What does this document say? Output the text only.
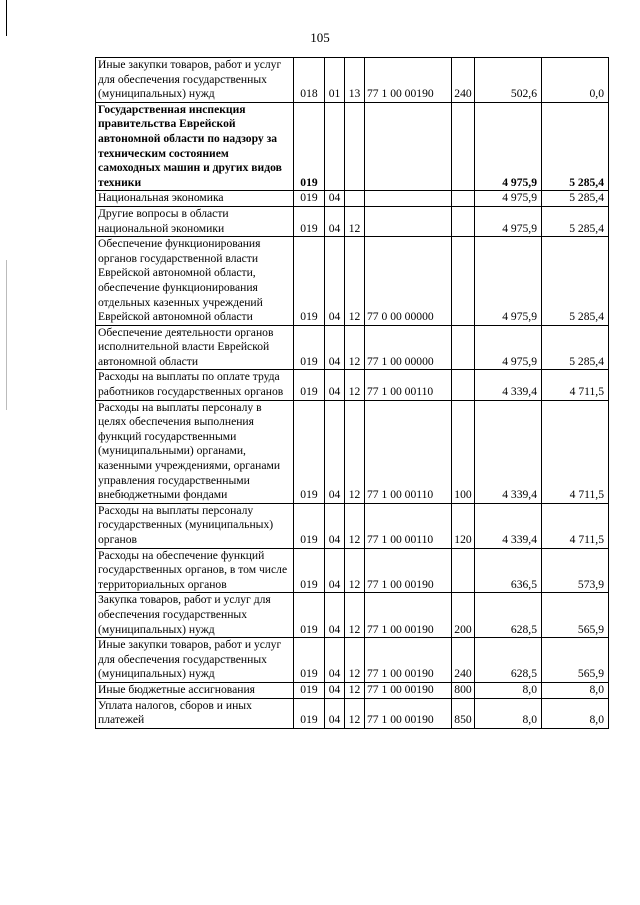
105
Иные закупки товаров, работ и услуг для обеспечения государственных (муниципальных) нужд	018	01	13	77 1 00 00190	240	502,6	0,0
Государственная инспекция правительства Еврейской автономной области по надзору за техническим состоянием самоходных машин и других видов техники	019					4 975,9	5 285,4
Национальная экономика	019	04				4 975,9	5 285,4
Другие вопросы в области национальной экономики	019	04	12			4 975,9	5 285,4
Обеспечение функционирования органов государственной власти Еврейской автономной области, обеспечение функционирования отдельных казенных учреждений Еврейской автономной области	019	04	12	77 0 00 00000		4 975,9	5 285,4
Обеспечение деятельности органов исполнительной власти Еврейской автономной области	019	04	12	77 1 00 00000		4 975,9	5 285,4
Расходы на выплаты по оплате труда работников государственных органов	019	04	12	77 1 00 00110		4 339,4	4 711,5
Расходы на выплаты персоналу в целях обеспечения выполнения функций государственными (муниципальными) органами, казенными учреждениями, органами управления государственными внебюджетными фондами	019	04	12	77 1 00 00110	100	4 339,4	4 711,5
Расходы на выплаты персоналу государственных (муниципальных) органов	019	04	12	77 1 00 00110	120	4 339,4	4 711,5
Расходы на обеспечение функций государственных органов, в том числе территориальных органов	019	04	12	77 1 00 00190		636,5	573,9
Закупка товаров, работ и услуг для обеспечения государственных (муниципальных) нужд	019	04	12	77 1 00 00190	200	628,5	565,9
Иные закупки товаров, работ и услуг для обеспечения государственных (муниципальных) нужд	019	04	12	77 1 00 00190	240	628,5	565,9
Иные бюджетные ассигнования	019	04	12	77 1 00 00190	800	8,0	8,0
Уплата налогов, сборов и иных платежей	019	04	12	77 1 00 00190	850	8,0	8,0
